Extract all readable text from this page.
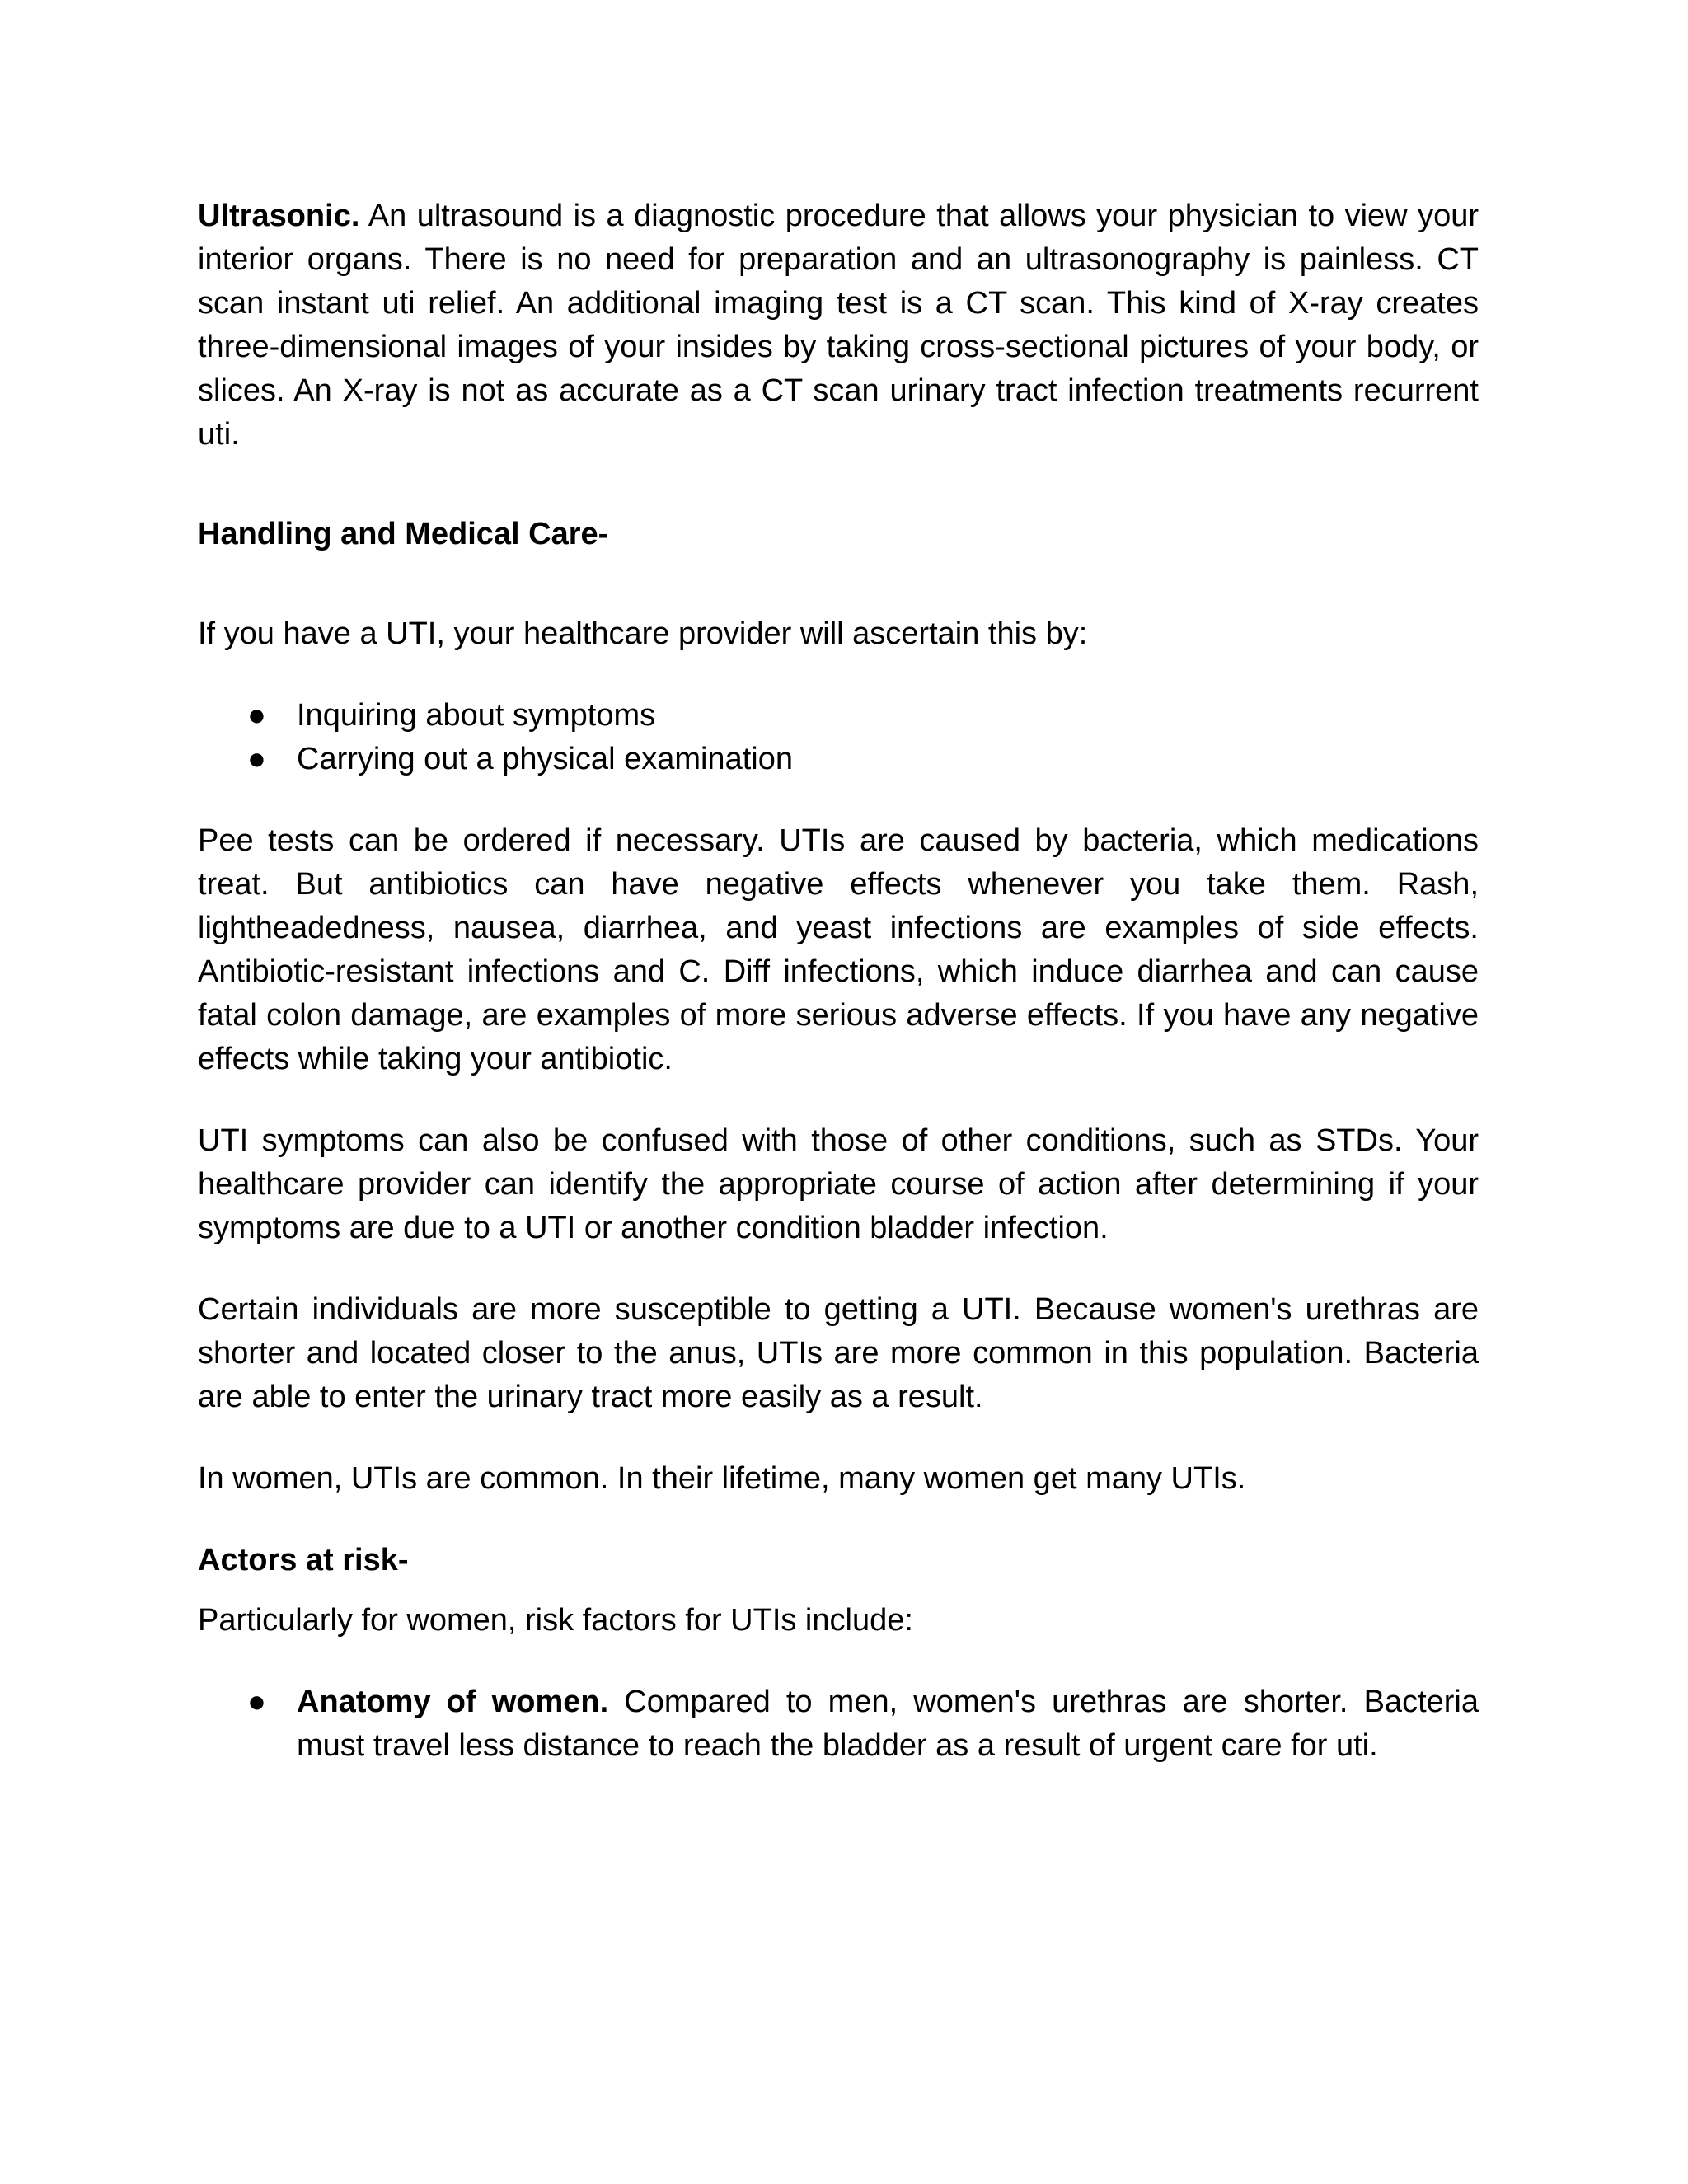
Ultrasonic. An ultrasound is a diagnostic procedure that allows your physician to view your interior organs. There is no need for preparation and an ultrasonography is painless. CT scan instant uti relief. An additional imaging test is a CT scan. This kind of X-ray creates three-dimensional images of your insides by taking cross-sectional pictures of your body, or slices. An X-ray is not as accurate as a CT scan urinary tract infection treatments recurrent uti.

Handling and Medical Care-

If you have a UTI, your healthcare provider will ascertain this by:

● Inquiring about symptoms
● Carrying out a physical examination

Pee tests can be ordered if necessary. UTIs are caused by bacteria, which medications treat. But antibiotics can have negative effects whenever you take them. Rash, lightheadedness, nausea, diarrhea, and yeast infections are examples of side effects. Antibiotic-resistant infections and C. Diff infections, which induce diarrhea and can cause fatal colon damage, are examples of more serious adverse effects. If you have any negative effects while taking your antibiotic.

UTI symptoms can also be confused with those of other conditions, such as STDs. Your healthcare provider can identify the appropriate course of action after determining if your symptoms are due to a UTI or another condition bladder infection.

Certain individuals are more susceptible to getting a UTI. Because women's urethras are shorter and located closer to the anus, UTIs are more common in this population. Bacteria are able to enter the urinary tract more easily as a result.

In women, UTIs are common. In their lifetime, many women get many UTIs.

Actors at risk-

Particularly for women, risk factors for UTIs include:

● Anatomy of women. Compared to men, women's urethras are shorter. Bacteria must travel less distance to reach the bladder as a result of urgent care for uti.
